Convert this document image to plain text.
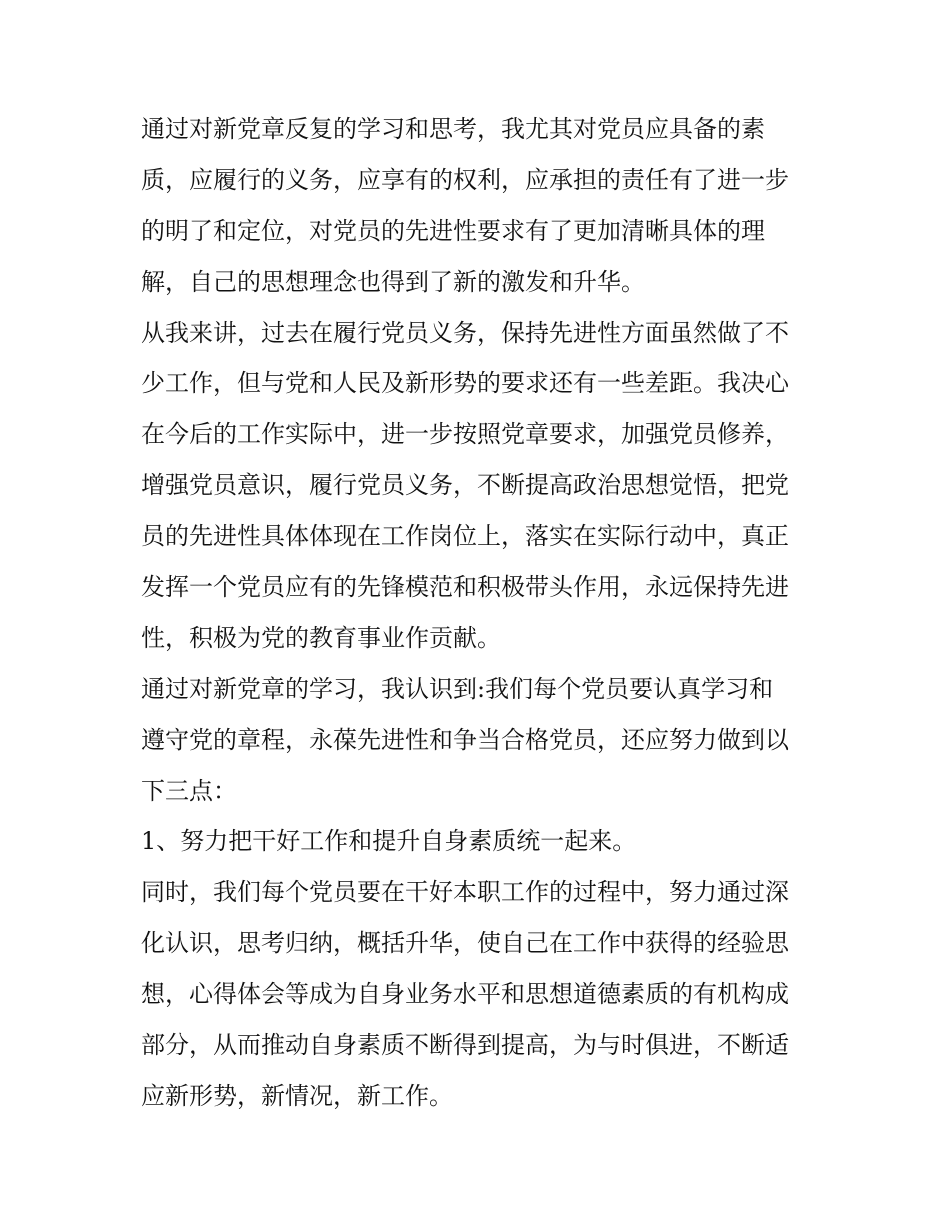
通过对新党章反复的学习和思考，我尤其对党员应具备的素
质，应履行的义务，应享有的权利，应承担的责任有了进一步
的明了和定位，对党员的先进性要求有了更加清晰具体的理
解，自己的思想理念也得到了新的激发和升华。
从我来讲，过去在履行党员义务，保持先进性方面虽然做了不
少工作，但与党和人民及新形势的要求还有一些差距。我决心
在今后的工作实际中，进一步按照党章要求，加强党员修养，
增强党员意识，履行党员义务，不断提高政治思想觉悟，把党
员的先进性具体体现在工作岗位上，落实在实际行动中，真正
发挥一个党员应有的先锋模范和积极带头作用，永远保持先进
性，积极为党的教育事业作贡献。
通过对新党章的学习，我认识到:我们每个党员要认真学习和
遵守党的章程，永葆先进性和争当合格党员，还应努力做到以
下三点：
1、努力把干好工作和提升自身素质统一起来。
同时，我们每个党员要在干好本职工作的过程中，努力通过深
化认识，思考归纳，概括升华，使自己在工作中获得的经验思
想，心得体会等成为自身业务水平和思想道德素质的有机构成
部分，从而推动自身素质不断得到提高，为与时俱进，不断适
应新形势，新情况，新工作。
